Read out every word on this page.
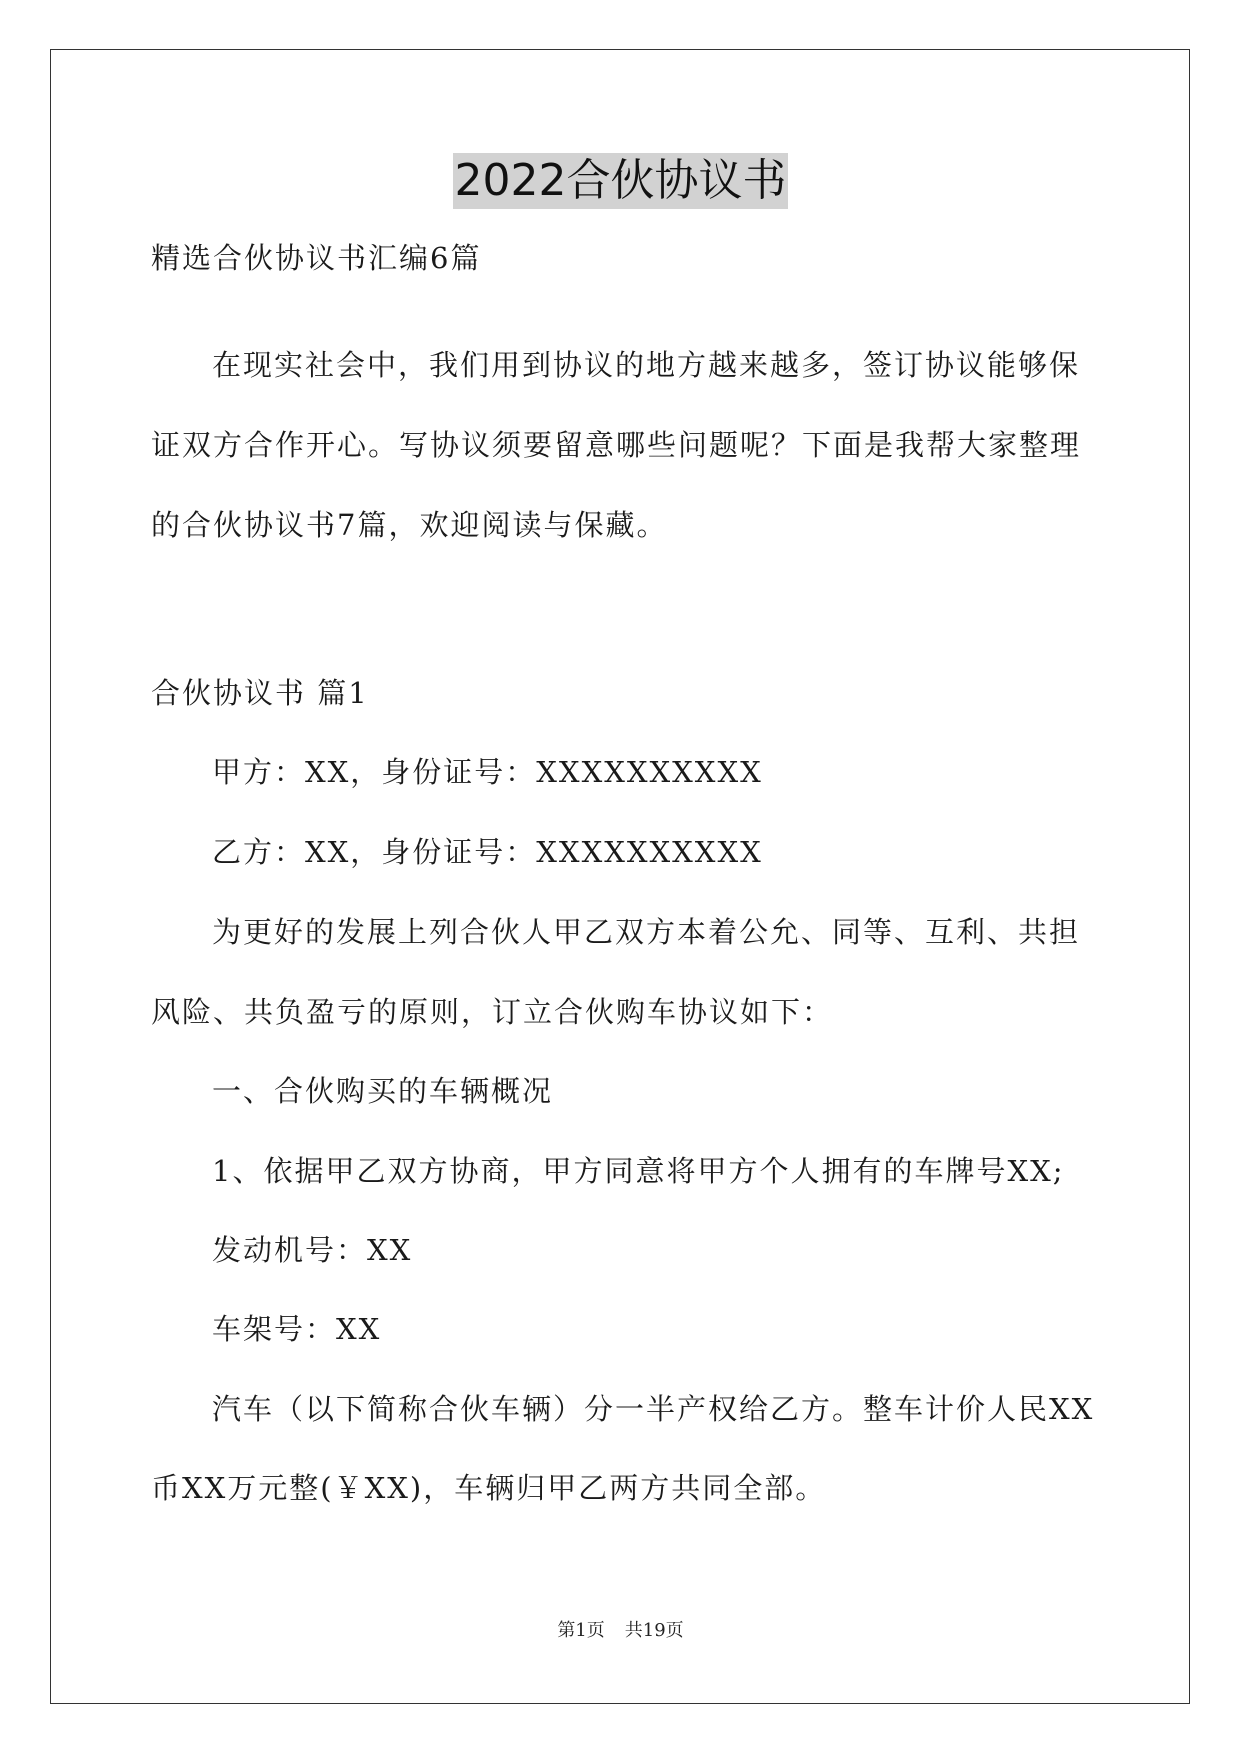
2022合伙协议书
精选合伙协议书汇编6篇
在现实社会中，我们用到协议的地方越来越多，签订协议能够保
证双方合作开心。写协议须要留意哪些问题呢？下面是我帮大家整理
的合伙协议书7篇，欢迎阅读与保藏。
合伙协议书 篇1
甲方：XX，身份证号：XXXXXXXXXX
乙方：XX，身份证号：XXXXXXXXXX
为更好的发展上列合伙人甲乙双方本着公允、同等、互利、共担
风险、共负盈亏的原则，订立合伙购车协议如下：
一、合伙购买的车辆概况
1、依据甲乙双方协商，甲方同意将甲方个人拥有的车牌号XX;
发动机号：XX
车架号：XX
汽车（以下简称合伙车辆）分一半产权给乙方。整车计价人民XX
币XX万元整(￥XX)，车辆归甲乙两方共同全部。
第1页 共19页
